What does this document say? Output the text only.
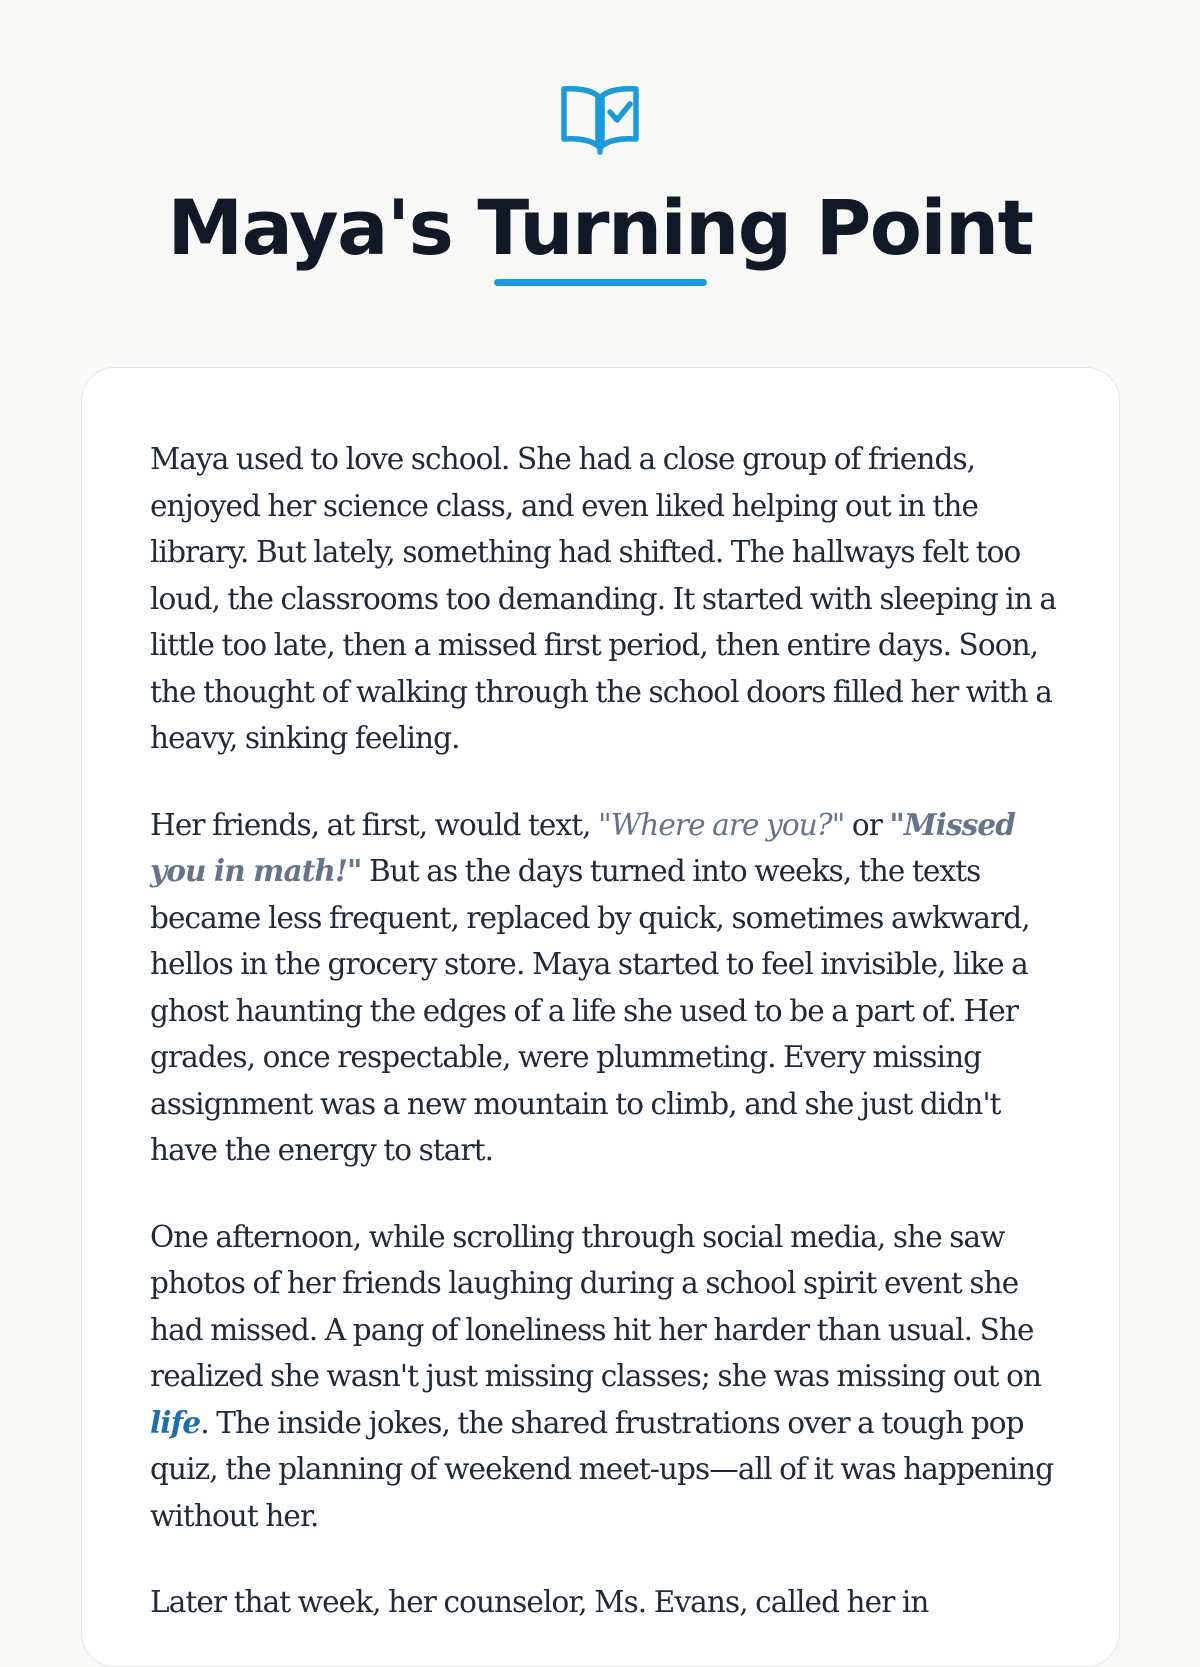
Maya's Turning Point

Maya used to love school. She had a close group of friends, enjoyed her science class, and even liked helping out in the library. But lately, something had shifted. The hallways felt too loud, the classrooms too demanding. It started with sleeping in a little too late, then a missed first period, then entire days. Soon, the thought of walking through the school doors filled her with a heavy, sinking feeling.

Her friends, at first, would text, "Where are you?" or "Missed you in math!" But as the days turned into weeks, the texts became less frequent, replaced by quick, sometimes awkward, hellos in the grocery store. Maya started to feel invisible, like a ghost haunting the edges of a life she used to be a part of. Her grades, once respectable, were plummeting. Every missing assignment was a new mountain to climb, and she just didn't have the energy to start.

One afternoon, while scrolling through social media, she saw photos of her friends laughing during a school spirit event she had missed. A pang of loneliness hit her harder than usual. She realized she wasn't just missing classes; she was missing out on life. The inside jokes, the shared frustrations over a tough pop quiz, the planning of weekend meet-ups—all of it was happening without her.

Later that week, her counselor, Ms. Evans, called her in
